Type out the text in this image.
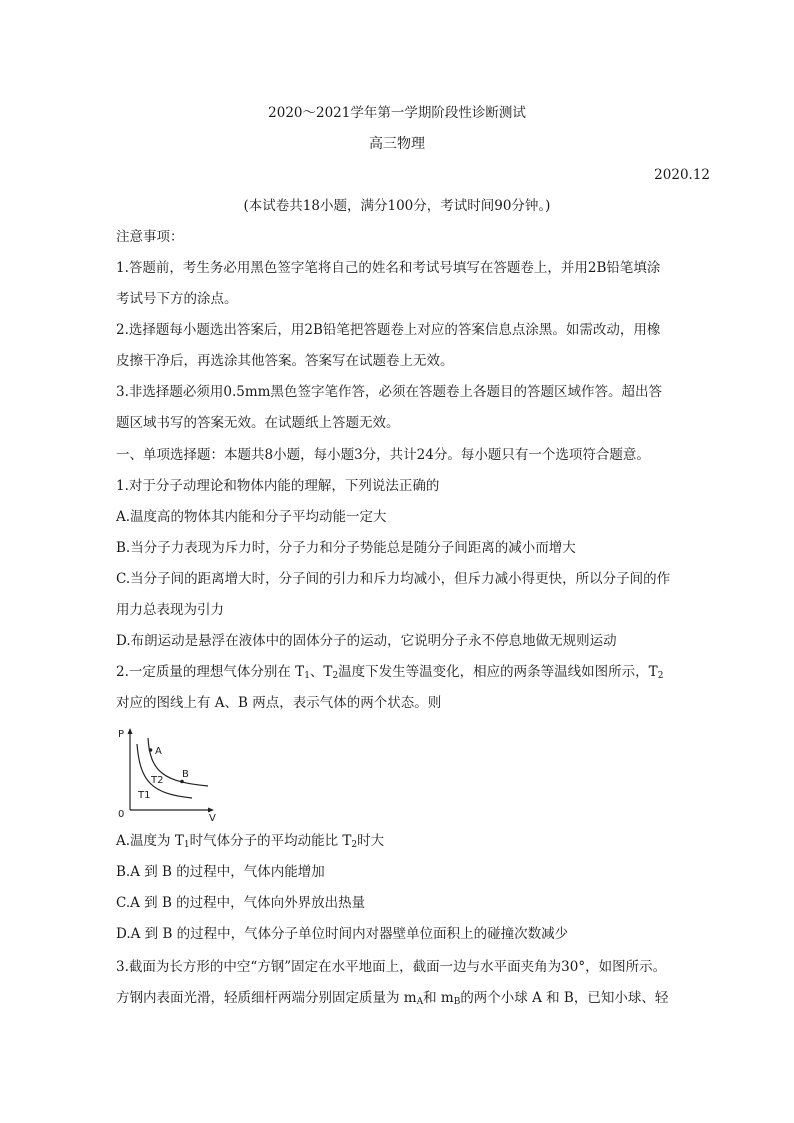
2020～2021学年第一学期阶段性诊断测试
高三物理
2020.12
(本试卷共18小题，满分100分，考试时间90分钟。)
注意事项：
1.答题前，考生务必用黑色签字笔将自己的姓名和考试号填写在答题卷上，并用2B铅笔填涂
考试号下方的涂点。
2.选择题每小题选出答案后，用2B铅笔把答题卷上对应的答案信息点涂黑。如需改动，用橡
皮擦干净后，再选涂其他答案。答案写在试题卷上无效。
3.非选择题必须用0.5mm黑色签字笔作答，必须在答题卷上各题目的答题区域作答。超出答
题区域书写的答案无效。在试题纸上答题无效。
一、单项选择题：本题共8小题，每小题3分，共计24分。每小题只有一个选项符合题意。
1.对于分子动理论和物体内能的理解，下列说法正确的
A.温度高的物体其内能和分子平均动能一定大
B.当分子力表现为斥力时，分子力和分子势能总是随分子间距离的减小而增大
C.当分子间的距离增大时，分子间的引力和斥力均减小，但斥力减小得更快，所以分子间的作
用力总表现为引力
D.布朗运动是悬浮在液体中的固体分子的运动，它说明分子永不停息地做无规则运动
2.一定质量的理想气体分别在 $T_1$、$T_2$温度下发生等温变化，相应的两条等温线如图所示，$T_2$
对应的图线上有 A、B 两点，表示气体的两个状态。则
P
V
0
A
B
T2
T1
A.温度为 $T_1$时气体分子的平均动能比 $T_2$时大
B.A 到 B 的过程中，气体内能增加
C.A 到 B 的过程中，气体向外界放出热量
D.A 到 B 的过程中，气体分子单位时间内对器壁单位面积上的碰撞次数减少
3.截面为长方形的中空“方钢”固定在水平地面上，截面一边与水平面夹角为30°，如图所示。
方钢内表面光滑，轻质细杆两端分别固定质量为 $m_A$和 $m_B$的两个小球 A 和 B，已知小球、轻
